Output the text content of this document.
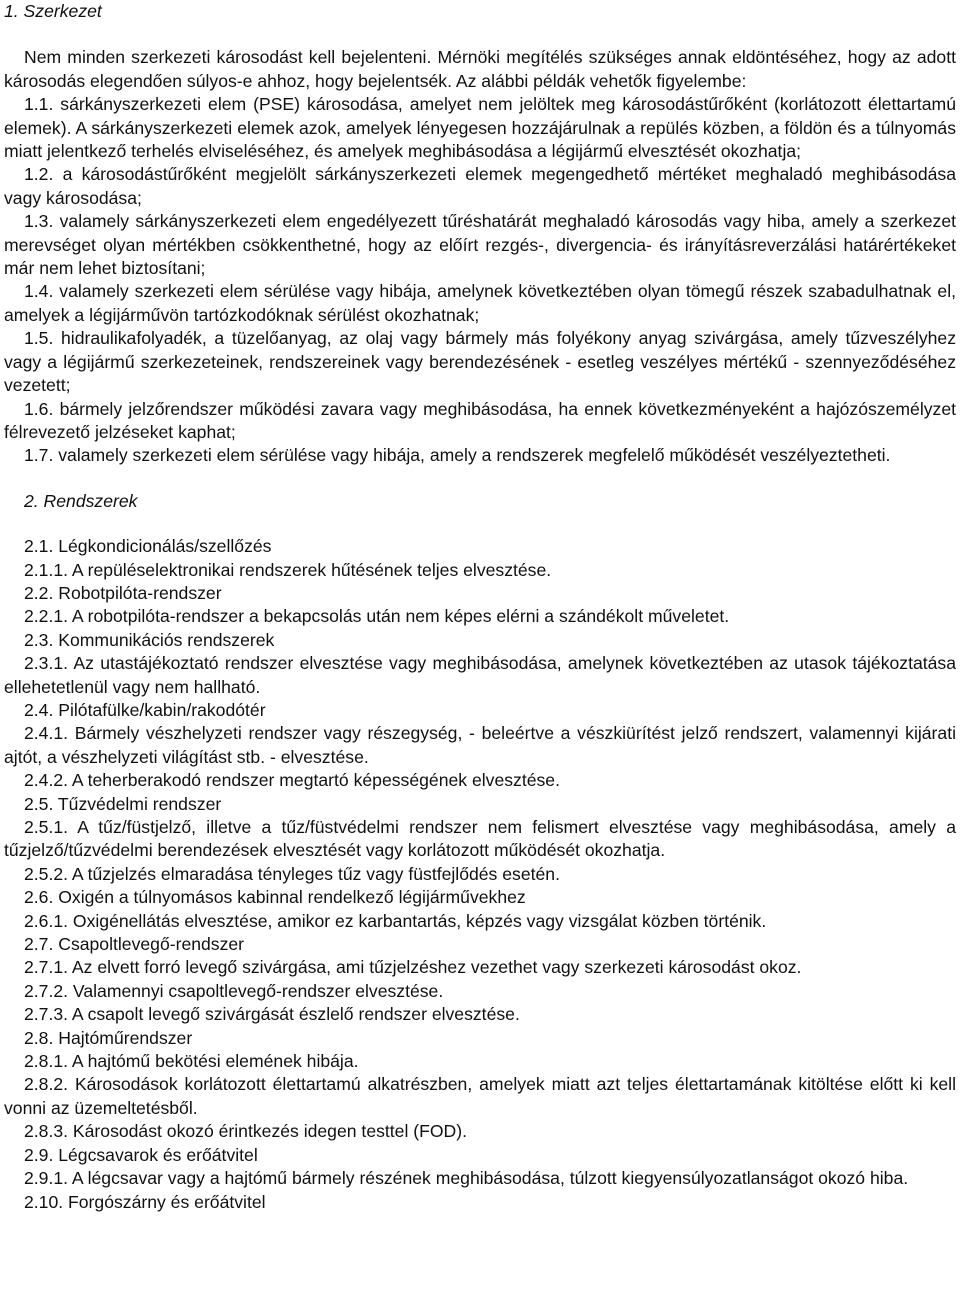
1. Szerkezet
Nem minden szerkezeti károsodást kell bejelenteni. Mérnöki megítélés szükséges annak eldöntéséhez, hogy az adott károsodás elegendően súlyos-e ahhoz, hogy bejelentsék. Az alábbi példák vehetők figyelembe:
1.1. sárkányszerkezeti elem (PSE) károsodása, amelyet nem jelöltek meg károsodástűrőként (korlátozott élettartamú elemek). A sárkányszerkezeti elemek azok, amelyek lényegesen hozzájárulnak a repülés közben, a földön és a túlnyomás miatt jelentkező terhelés elviseléséhez, és amelyek meghibásodása a légijármű elvesztését okozhatja;
1.2. a károsodástűrőként megjelölt sárkányszerkezeti elemek megengedhető mértéket meghaladó meghibásodása vagy károsodása;
1.3. valamely sárkányszerkezeti elem engedélyezett tűréshatárát meghaladó károsodás vagy hiba, amely a szerkezet merevséget olyan mértékben csökkenthetné, hogy az előírt rezgés-, divergencia- és irányításreverzálási határértékeket már nem lehet biztosítani;
1.4. valamely szerkezeti elem sérülése vagy hibája, amelynek következtében olyan tömegű részek szabadulhatnak el, amelyek a légijárművön tartózkodóknak sérülést okozhatnak;
1.5. hidraulikafolyadék, a tüzelőanyag, az olaj vagy bármely más folyékony anyag szivárgása, amely tűzveszélyhez vagy a légijármű szerkezeteinek, rendszereinek vagy berendezésének - esetleg veszélyes mértékű - szennyeződéséhez vezetett;
1.6. bármely jelzőrendszer működési zavara vagy meghibásodása, ha ennek következményeként a hajózószemélyzet félrevezető jelzéseket kaphat;
1.7. valamely szerkezeti elem sérülése vagy hibája, amely a rendszerek megfelelő működését veszélyeztetheti.
2. Rendszerek
2.1. Légkondicionálás/szellőzés
2.1.1. A repüléselektronikai rendszerek hűtésének teljes elvesztése.
2.2. Robotpilóta-rendszer
2.2.1. A robotpilóta-rendszer a bekapcsolás után nem képes elérni a szándékolt műveletet.
2.3. Kommunikációs rendszerek
2.3.1. Az utastájékoztató rendszer elvesztése vagy meghibásodása, amelynek következtében az utasok tájékoztatása ellehetetlenül vagy nem hallható.
2.4. Pilótafülke/kabin/rakodótér
2.4.1. Bármely vészhelyzeti rendszer vagy részegység, - beleértve a vészkiürítést jelző rendszert, valamennyi kijárati ajtót, a vészhelyzeti világítást stb. - elvesztése.
2.4.2. A teherberakodó rendszer megtartó képességének elvesztése.
2.5. Tűzvédelmi rendszer
2.5.1. A tűz/füstjelző, illetve a tűz/füstvédelmi rendszer nem felismert elvesztése vagy meghibásodása, amely a tűzjelző/tűzvédelmi berendezések elvesztését vagy korlátozott működését okozhatja.
2.5.2. A tűzjelzés elmaradása tényleges tűz vagy füstfejlődés esetén.
2.6. Oxigén a túlnyomásos kabinnal rendelkező légijárművekhez
2.6.1. Oxigénellátás elvesztése, amikor ez karbantartás, képzés vagy vizsgálat közben történik.
2.7. Csapoltlevegő-rendszer
2.7.1. Az elvett forró levegő szivárgása, ami tűzjelzéshez vezethet vagy szerkezeti károsodást okoz.
2.7.2. Valamennyi csapoltlevegő-rendszer elvesztése.
2.7.3. A csapolt levegő szivárgását észlelő rendszer elvesztése.
2.8. Hajtóműrendszer
2.8.1. A hajtómű bekötési elemének hibája.
2.8.2. Károsodások korlátozott élettartamú alkatrészben, amelyek miatt azt teljes élettartamának kitöltése előtt ki kell vonni az üzemeltetésből.
2.8.3. Károsodást okozó érintkezés idegen testtel (FOD).
2.9. Légcsavarok és erőátvitel
2.9.1. A légcsavar vagy a hajtómű bármely részének meghibásodása, túlzott kiegyensúlyozatlanságot okozó hiba.
2.10. Forgószárny és erőátvitel
